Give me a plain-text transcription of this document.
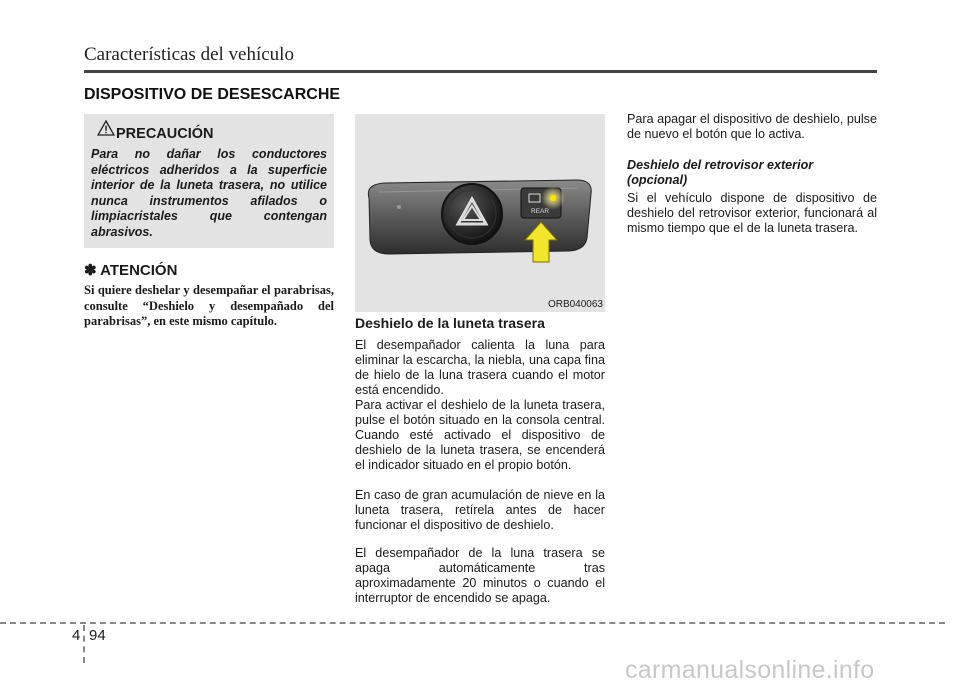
Características del vehículo
DISPOSITIVO DE DESESCARCHE
PRECAUCIÓN

Para no dañar los conductores eléctricos adheridos a la superficie interior de la luneta trasera, no utilice nunca instrumentos afilados o limpiacristales que contengan abrasivos.

✽ ATENCIÓN

Si quiere deshelar y desempañar el parabrisas, consulte “Deshielo y desempañado del parabrisas”, en este mismo capítulo.

REAR
ORB040063
Deshielo de la luneta trasera

El desempañador calienta la luna para eliminar la escarcha, la niebla, una capa fina de hielo de la luna trasera cuando el motor está encendido.

Para activar el deshielo de la luneta trasera, pulse el botón situado en la consola central. Cuando esté activado el dispositivo de deshielo de la luneta trasera, se encenderá el indicador situado en el propio botón.

En caso de gran acumulación de nieve en la luneta trasera, retírela antes de hacer funcionar el dispositivo de deshielo.

El desempañador de la luna trasera se apaga automáticamente tras aproximadamente 20 minutos o cuando el interruptor de encendido se apaga.

Para apagar el dispositivo de deshielo, pulse de nuevo el botón que lo activa.

Deshielo del retrovisor exterior
(opcional)

Si el vehículo dispone de dispositivo de deshielo del retrovisor exterior, funcionará al mismo tiempo que el de la luneta trasera.

4 94
carmanualsonline.info
